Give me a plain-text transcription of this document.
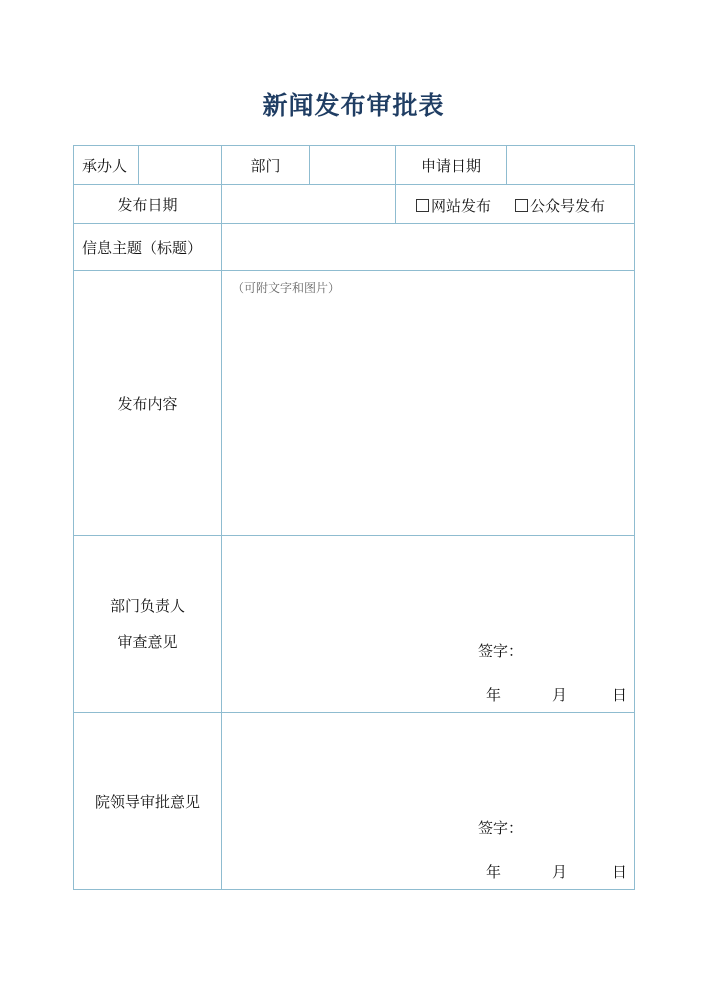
新闻发布审批表
承办人		部门		申请日期	
发布日期				网站发布 公众号发布	

信息主题（标题）					
发布内容		（可附文字和图片）			

部门负责人
审查意见		签字：
年 月 日			

院领导审批意见		签字：
年 月 日			
